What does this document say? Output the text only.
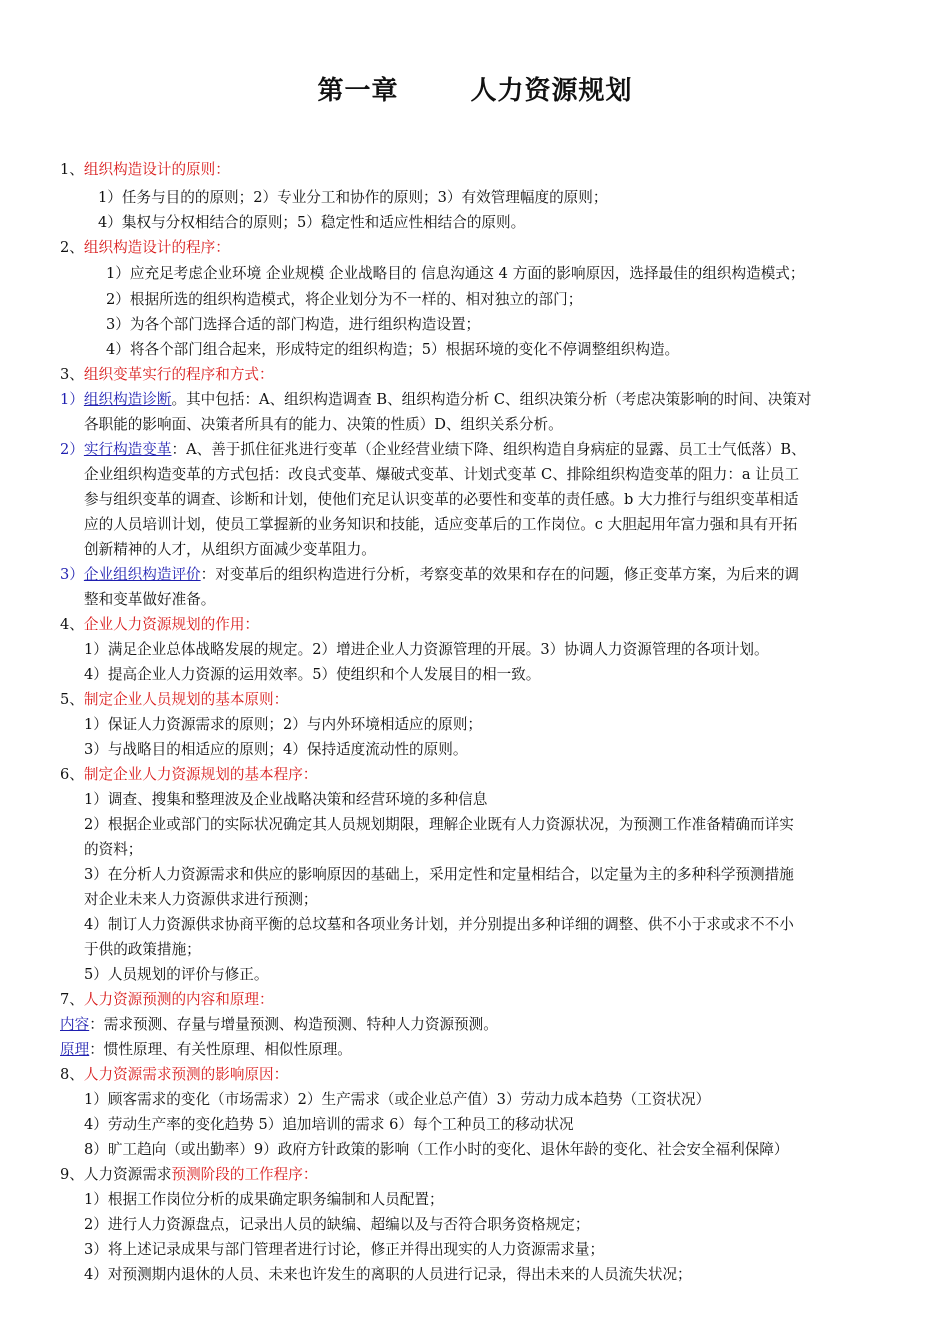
第一章	人力资源规划
1、组织构造设计的原则：
1）任务与目的的原则；2）专业分工和协作的原则；3）有效管理幅度的原则；
4）集权与分权相结合的原则；5）稳定性和适应性相结合的原则。
2、组织构造设计的程序：
1）应充足考虑企业环境 企业规模 企业战略目的 信息沟通这 4 方面的影响原因，选择最佳的组织构造模式；
2）根据所选的组织构造模式，将企业划分为不一样的、相对独立的部门；
3）为各个部门选择合适的部门构造，进行组织构造设置；
4）将各个部门组合起来，形成特定的组织构造；5）根据环境的变化不停调整组织构造。
3、组织变革实行的程序和方式：
1）组织构造诊断。其中包括：A、组织构造调查 B、组织构造分析 C、组织决策分析（考虑决策影响的时间、决策对
各职能的影响面、决策者所具有的能力、决策的性质）D、组织关系分析。
2）实行构造变革：A、善于抓住征兆进行变革（企业经营业绩下降、组织构造自身病症的显露、员工士气低落）B、
企业组织构造变革的方式包括：改良式变革、爆破式变革、计划式变革 C、排除组织构造变革的阻力：a 让员工
参与组织变革的调查、诊断和计划，使他们充足认识变革的必要性和变革的责任感。b 大力推行与组织变革相适
应的人员培训计划，使员工掌握新的业务知识和技能，适应变革后的工作岗位。c 大胆起用年富力强和具有开拓
创新精神的人才，从组织方面减少变革阻力。
3）企业组织构造评价：对变革后的组织构造进行分析，考察变革的效果和存在的问题，修正变革方案，为后来的调
整和变革做好准备。
4、企业人力资源规划的作用：
1）满足企业总体战略发展的规定。2）增进企业人力资源管理的开展。3）协调人力资源管理的各项计划。
4）提高企业人力资源的运用效率。5）使组织和个人发展目的相一致。
5、制定企业人员规划的基本原则：
1）保证人力资源需求的原则；2）与内外环境相适应的原则；
3）与战略目的相适应的原则；4）保持适度流动性的原则。
6、制定企业人力资源规划的基本程序：
1）调查、搜集和整理波及企业战略决策和经营环境的多种信息
2）根据企业或部门的实际状况确定其人员规划期限，理解企业既有人力资源状况，为预测工作准备精确而详实
的资料；
3）在分析人力资源需求和供应的影响原因的基础上，采用定性和定量相结合，以定量为主的多种科学预测措施
对企业未来人力资源供求进行预测；
4）制订人力资源供求协商平衡的总坟墓和各项业务计划，并分别提出多种详细的调整、供不小于求或求不不小
于供的政策措施；
5）人员规划的评价与修正。
7、人力资源预测的内容和原理：
内容：需求预测、存量与增量预测、构造预测、特种人力资源预测。
原理：惯性原理、有关性原理、相似性原理。
8、人力资源需求预测的影响原因：
1）顾客需求的变化（市场需求）2）生产需求（或企业总产值）3）劳动力成本趋势（工资状况）
4）劳动生产率的变化趋势 5）追加培训的需求 6）每个工种员工的移动状况
8）旷工趋向（或出勤率）9）政府方针政策的影响（工作小时的变化、退休年龄的变化、社会安全福利保障）
9、人力资源需求预测阶段的工作程序：
1）根据工作岗位分析的成果确定职务编制和人员配置；
2）进行人力资源盘点，记录出人员的缺编、超编以及与否符合职务资格规定；
3）将上述记录成果与部门管理者进行讨论，修正并得出现实的人力资源需求量；
4）对预测期内退休的人员、未来也许发生的离职的人员进行记录，得出未来的人员流失状况；
